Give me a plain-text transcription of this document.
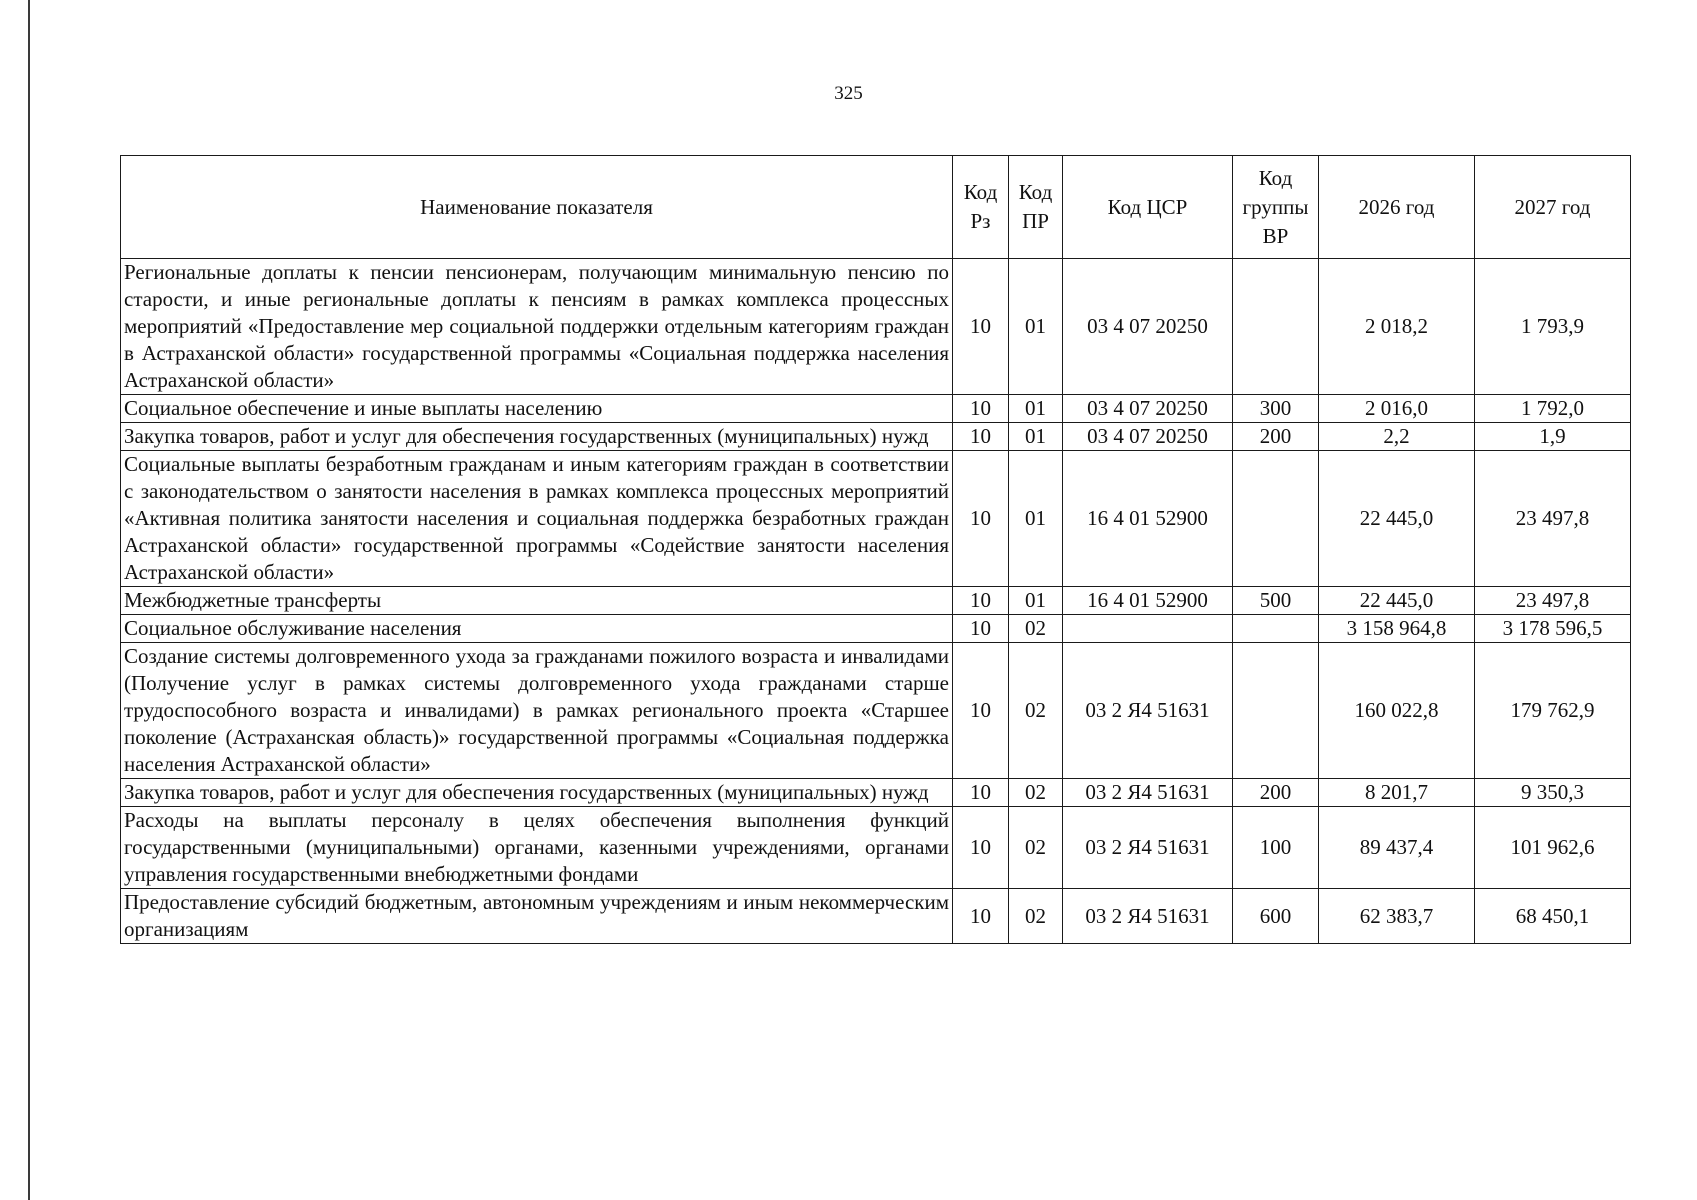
325
Наименование показателя	Код Рз	Код ПР	Код ЦСР	Код группы ВР	2026 год	2027 год
Региональные доплаты к пенсии пенсионерам, получающим минимальную пенсию по старости, и иные региональные доплаты к пенсиям в рамках комплекса процессных мероприятий «Предоставление мер социальной поддержки отдельным категориям граждан в Астраханской области» государственной программы «Социальная поддержка населения Астраханской области»	10	01	03 4 07 20250		2 018,2	1 793,9
Социальное обеспечение и иные выплаты населению	10	01	03 4 07 20250	300	2 016,0	1 792,0
Закупка товаров, работ и услуг для обеспечения государственных (муниципальных) нужд	10	01	03 4 07 20250	200	2,2	1,9
Социальные выплаты безработным гражданам и иным категориям граждан в соответствии с законодательством о занятости населения в рамках комплекса процессных мероприятий «Активная политика занятости населения и социальная поддержка безработных граждан Астраханской области» государственной программы «Содействие занятости населения Астраханской области»	10	01	16 4 01 52900		22 445,0	23 497,8
Межбюджетные трансферты	10	01	16 4 01 52900	500	22 445,0	23 497,8
Социальное обслуживание населения	10	02			3 158 964,8	3 178 596,5
Создание системы долговременного ухода за гражданами пожилого возраста и инвалидами (Получение услуг в рамках системы долговременного ухода гражданами старше трудоспособного возраста и инвалидами) в рамках регионального проекта «Старшее поколение (Астраханская область)» государственной программы «Социальная поддержка населения Астраханской области»	10	02	03 2 Я4 51631		160 022,8	179 762,9
Закупка товаров, работ и услуг для обеспечения государственных (муниципальных) нужд	10	02	03 2 Я4 51631	200	8 201,7	9 350,3
Расходы на выплаты персоналу в целях обеспечения выполнения функций государственными (муниципальными) органами, казенными учреждениями, органами управления государственными внебюджетными фондами	10	02	03 2 Я4 51631	100	89 437,4	101 962,6
Предоставление субсидий бюджетным, автономным учреждениям и иным некоммерческим организациям	10	02	03 2 Я4 51631	600	62 383,7	68 450,1
